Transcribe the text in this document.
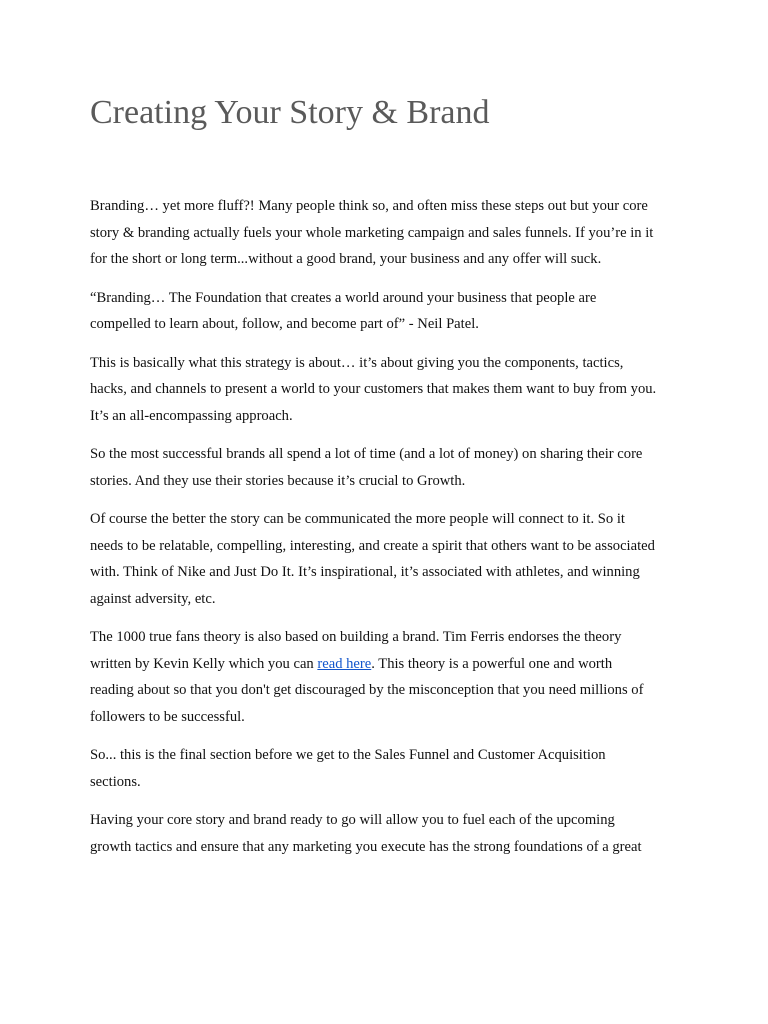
Creating Your Story & Brand

Branding… yet more fluff?! Many people think so, and often miss these steps out but your core
story & branding actually fuels your whole marketing campaign and sales funnels. If you’re in it
for the short or long term...without a good brand, your business and any offer will suck.

“Branding… The Foundation that creates a world around your business that people are
compelled to learn about, follow, and become part of” - Neil Patel.

This is basically what this strategy is about… it’s about giving you the components, tactics,
hacks, and channels to present a world to your customers that makes them want to buy from you.
It’s an all-encompassing approach.

So the most successful brands all spend a lot of time (and a lot of money) on sharing their core
stories. And they use their stories because it’s crucial to Growth.

Of course the better the story can be communicated the more people will connect to it. So it
needs to be relatable, compelling, interesting, and create a spirit that others want to be associated
with. Think of Nike and Just Do It. It’s inspirational, it’s associated with athletes, and winning
against adversity, etc.

The 1000 true fans theory is also based on building a brand. Tim Ferris endorses the theory
written by Kevin Kelly which you can read here. This theory is a powerful one and worth
reading about so that you don't get discouraged by the misconception that you need millions of
followers to be successful.

So... this is the final section before we get to the Sales Funnel and Customer Acquisition
sections.

Having your core story and brand ready to go will allow you to fuel each of the upcoming
growth tactics and ensure that any marketing you execute has the strong foundations of a great
